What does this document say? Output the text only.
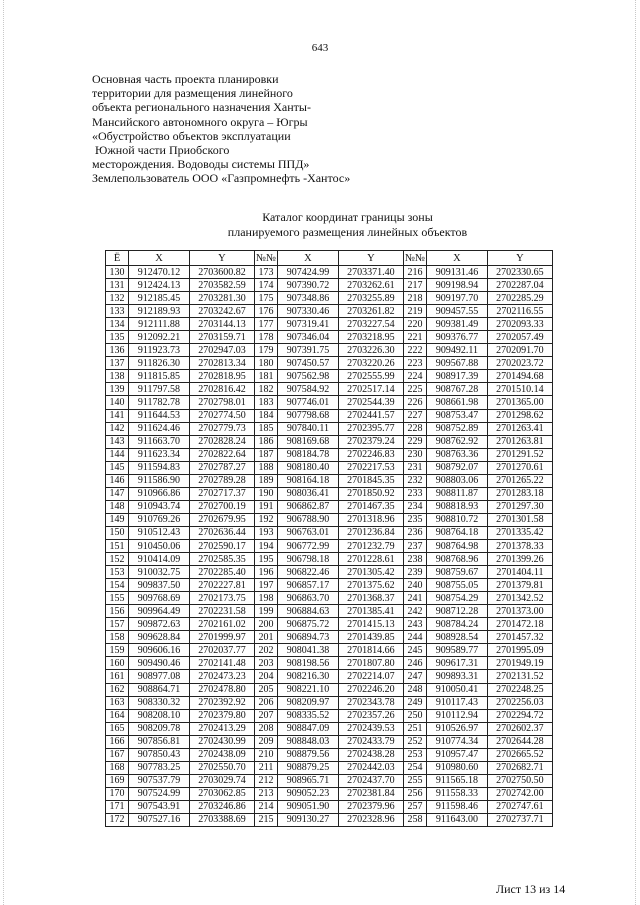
643
Основная часть проекта планировки
территории для размещения линейного
объекта регионального назначения Ханты-
Мансийского автономного округа – Югры
«Обустройство объектов эксплуатации
Южной части Приобского
месторождения. Водоводы системы ППД»
Землепользователь ООО «Газпромнефть -Хантос»
Каталог координат границы зоны
планируемого размещения линейных объектов
Ё	X	Y	№№	X	Y	№№	X	Y
130	912470.12	2703600.82	173	907424.99	2703371.40	216	909131.46	2702330.65
131	912424.13	2703582.59	174	907390.72	2703262.61	217	909198.94	2702287.04
132	912185.45	2703281.30	175	907348.86	2703255.89	218	909197.70	2702285.29
133	912189.93	2703242.67	176	907330.46	2703261.82	219	909457.55	2702116.55
134	912111.88	2703144.13	177	907319.41	2703227.54	220	909381.49	2702093.33
135	912092.21	2703159.71	178	907346.04	2703218.95	221	909376.77	2702057.49
136	911923.73	2702947.03	179	907391.75	2703226.30	222	909492.11	2702091.70
137	911826.30	2702813.34	180	907450.57	2703220.26	223	909567.88	2702023.72
138	911815.85	2702818.95	181	907562.98	2702555.99	224	908917.39	2701494.68
139	911797.58	2702816.42	182	907584.92	2702517.14	225	908767.28	2701510.14
140	911782.78	2702798.01	183	907746.01	2702544.39	226	908661.98	2701365.00
141	911644.53	2702774.50	184	907798.68	2702441.57	227	908753.47	2701298.62
142	911624.46	2702779.73	185	907840.11	2702395.77	228	908752.89	2701263.41
143	911663.70	2702828.24	186	908169.68	2702379.24	229	908762.92	2701263.81
144	911623.34	2702822.64	187	908184.78	2702246.83	230	908763.36	2701291.52
145	911594.83	2702787.27	188	908180.40	2702217.53	231	908792.07	2701270.61
146	911586.90	2702789.28	189	908164.18	2701845.35	232	908803.06	2701265.22
147	910966.86	2702717.37	190	908036.41	2701850.92	233	908811.87	2701283.18
148	910943.74	2702700.19	191	906862.87	2701467.35	234	908818.93	2701297.30
149	910769.26	2702679.95	192	906788.90	2701318.96	235	908810.72	2701301.58
150	910512.43	2702636.44	193	906763.01	2701236.84	236	908764.18	2701335.42
151	910450.06	2702590.17	194	906772.99	2701232.79	237	908764.98	2701378.33
152	910414.09	2702585.35	195	906798.18	2701228.61	238	908768.96	2701399.26
153	910032.75	2702285.40	196	906822.46	2701305.42	239	908759.67	2701404.11
154	909837.50	2702227.81	197	906857.17	2701375.62	240	908755.05	2701379.81
155	909768.69	2702173.75	198	906863.70	2701368.37	241	908754.29	2701342.52
156	909964.49	2702231.58	199	906884.63	2701385.41	242	908712.28	2701373.00
157	909872.63	2702161.02	200	906875.72	2701415.13	243	908784.24	2701472.18
158	909628.84	2701999.97	201	906894.73	2701439.85	244	908928.54	2701457.32
159	909606.16	2702037.77	202	908041.38	2701814.66	245	909589.77	2701995.09
160	909490.46	2702141.48	203	908198.56	2701807.80	246	909617.31	2701949.19
161	908977.08	2702473.23	204	908216.30	2702214.07	247	909893.31	2702131.52
162	908864.71	2702478.80	205	908221.10	2702246.20	248	910050.41	2702248.25
163	908330.32	2702392.92	206	908209.97	2702343.78	249	910117.43	2702256.03
164	908208.10	2702379.80	207	908335.52	2702357.26	250	910112.94	2702294.72
165	908209.78	2702413.29	208	908847.09	2702439.53	251	910526.97	2702602.37
166	907856.81	2702430.99	209	908848.03	2702433.79	252	910774.34	2702644.28
167	907850.43	2702438.09	210	908879.56	2702438.28	253	910957.47	2702665.52
168	907783.25	2702550.70	211	908879.25	2702442.03	254	910980.60	2702682.71
169	907537.79	2703029.74	212	908965.71	2702437.70	255	911565.18	2702750.50
170	907524.99	2703062.85	213	909052.23	2702381.84	256	911558.33	2702742.00
171	907543.91	2703246.86	214	909051.90	2702379.96	257	911598.46	2702747.61
172	907527.16	2703388.69	215	909130.27	2702328.96	258	911643.00	2702737.71
Лист 13 из 14
